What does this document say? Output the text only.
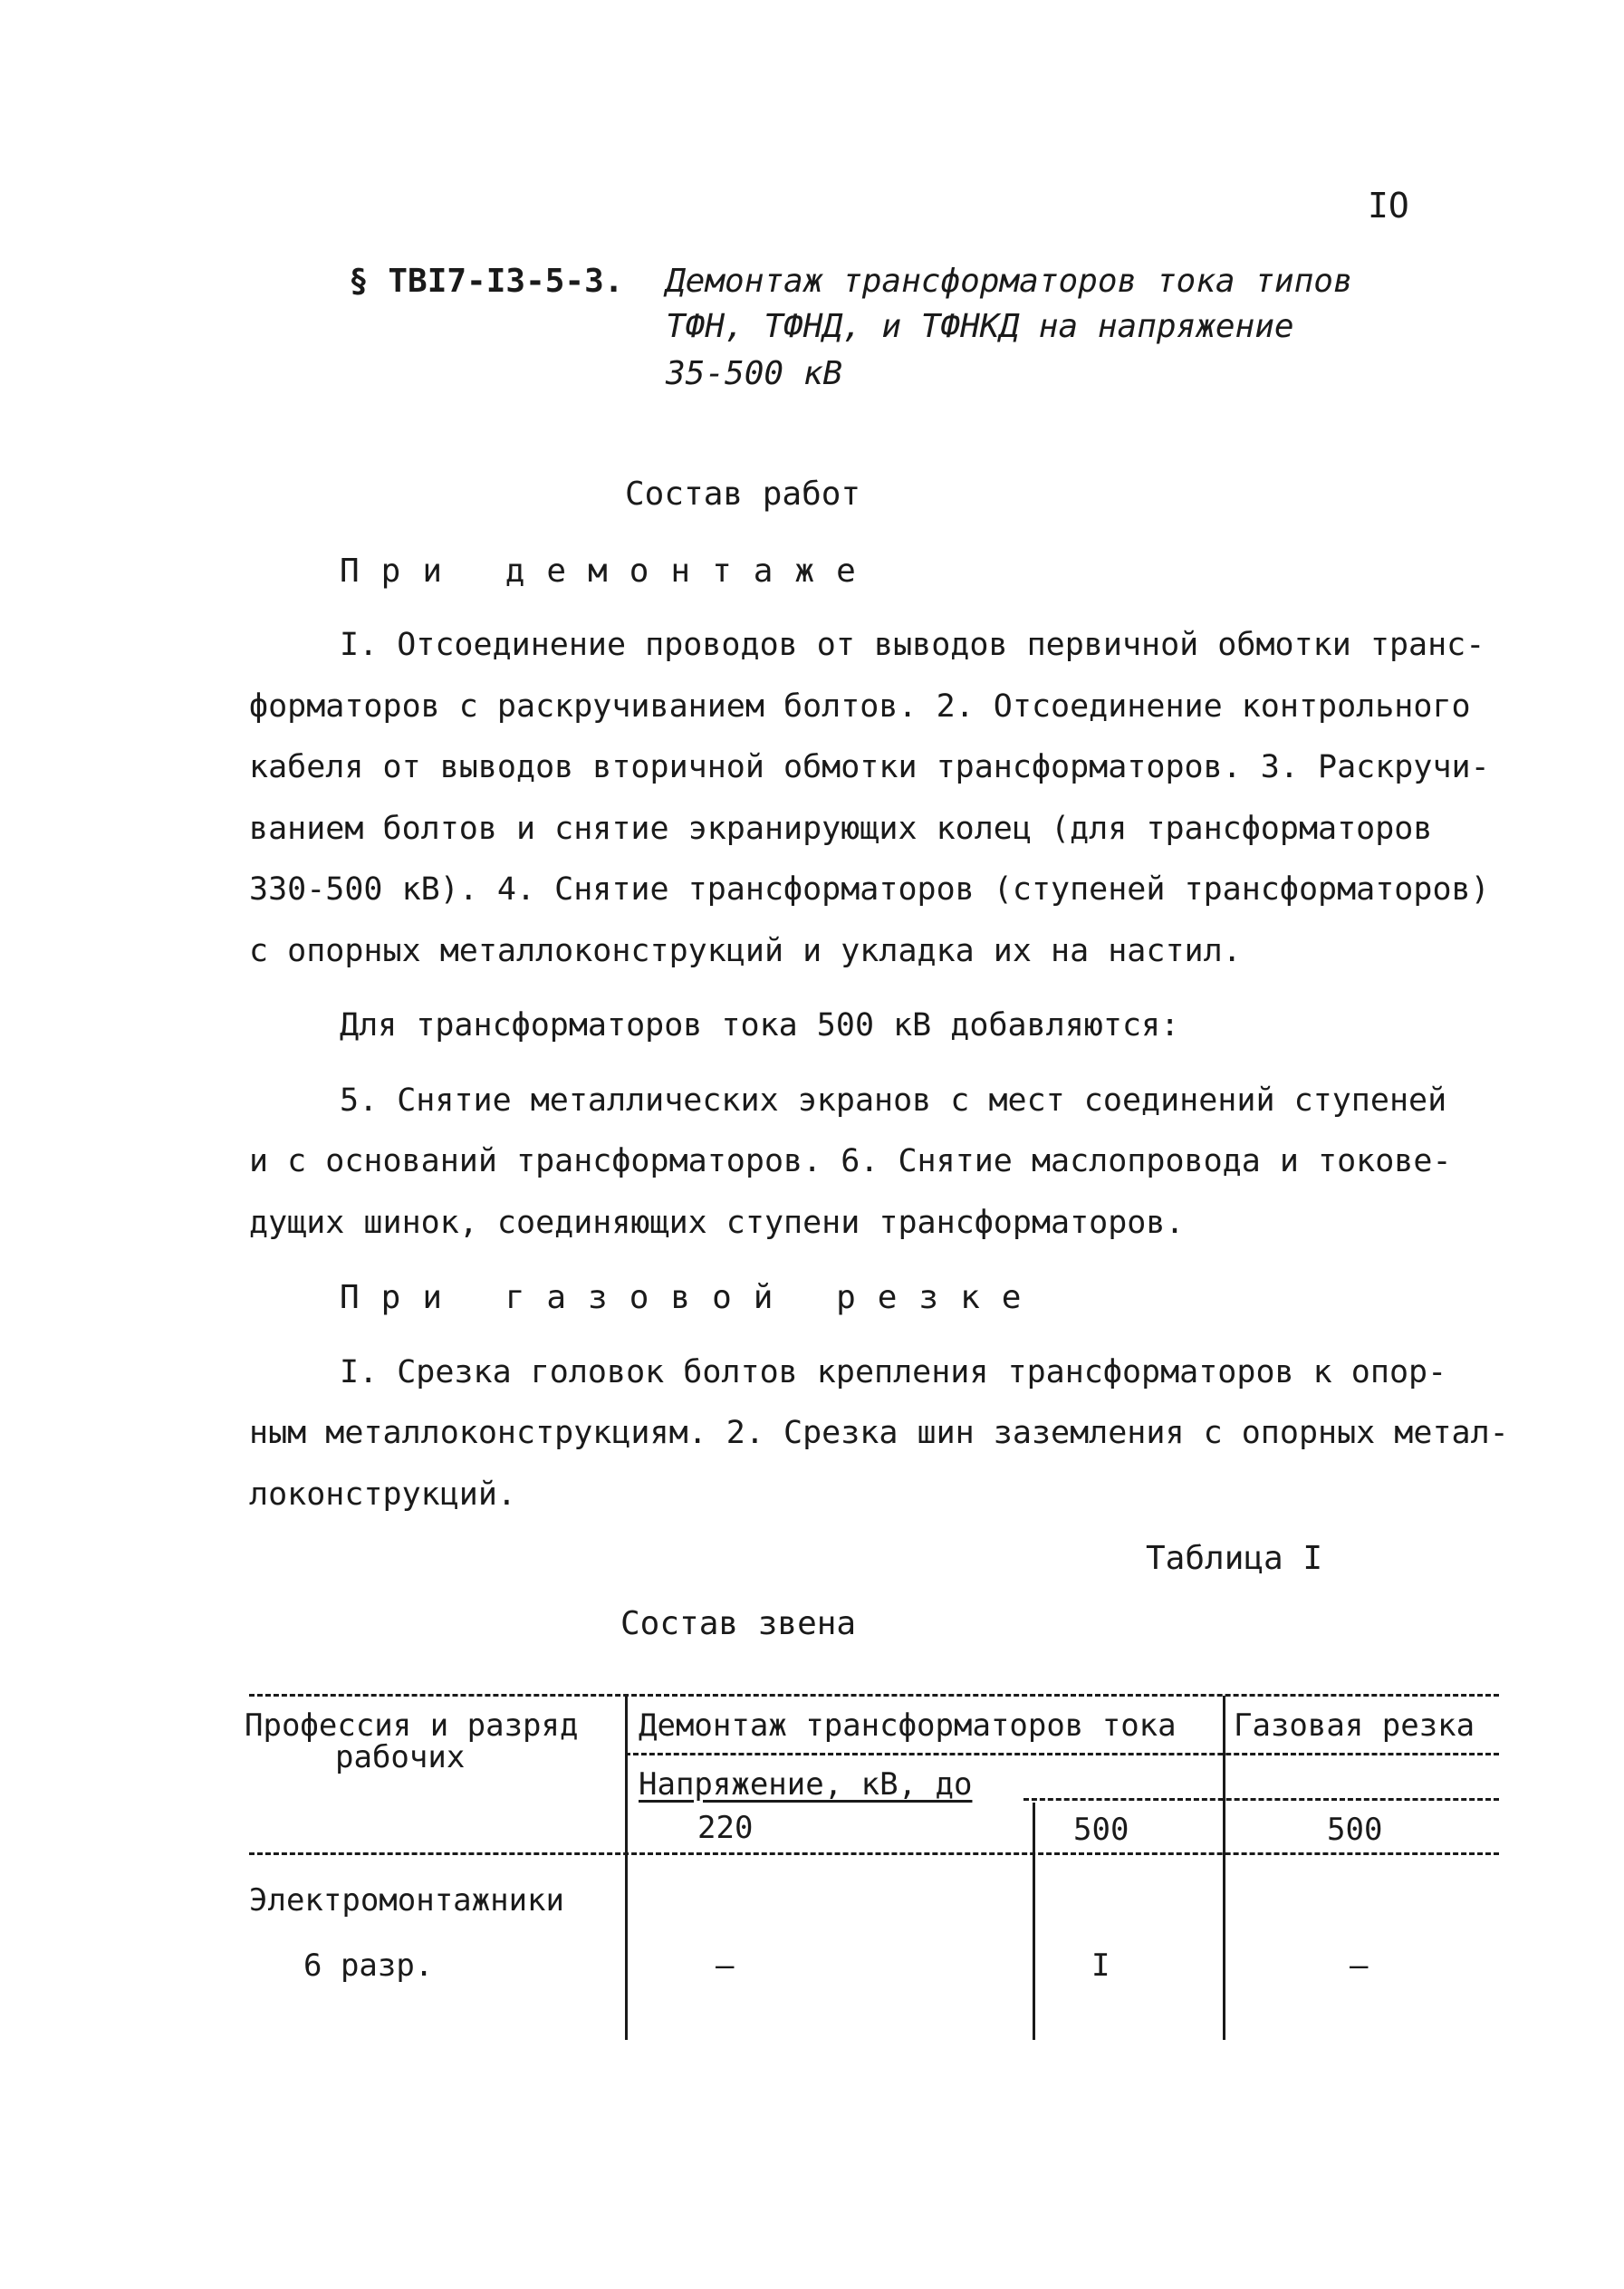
IO
§ ТВI7-I3-5-3. Демонтаж трансформаторов тока типов
ТФН, ТФНД, и ТФНКД на напряжение
35-500 кВ
Состав работ
При демонтаже
I. Отсоединение проводов от выводов первичной обмотки транс-
форматоров с раскручиванием болтов. 2. Отсоединение контрольного
кабеля от выводов вторичной обмотки трансформаторов. 3. Раскручи-
ванием болтов и снятие экранирующих колец (для трансформаторов
330-500 кВ). 4. Снятие трансформаторов (ступеней трансформаторов)
с опорных металлоконструкций и укладка их на настил.
Для трансформаторов тока 500 кВ добавляются:
5. Снятие металлических экранов с мест соединений ступеней
и с оснований трансформаторов. 6. Снятие маслопровода и токове-
дущих шинок, соединяющих ступени трансформаторов.
При газовой резке
I. Срезка головок болтов крепления трансформаторов к опор-
ным металлоконструкциям. 2. Срезка шин заземления с опорных метал-
локонструкций.
Таблица I
Состав звена
Профессия и разряд
рабочих
Демонтаж трансформаторов тока Газовая резка
Напряжение, кВ, до
220	500	500
Электромонтажники
6 разр.	–	I	–
